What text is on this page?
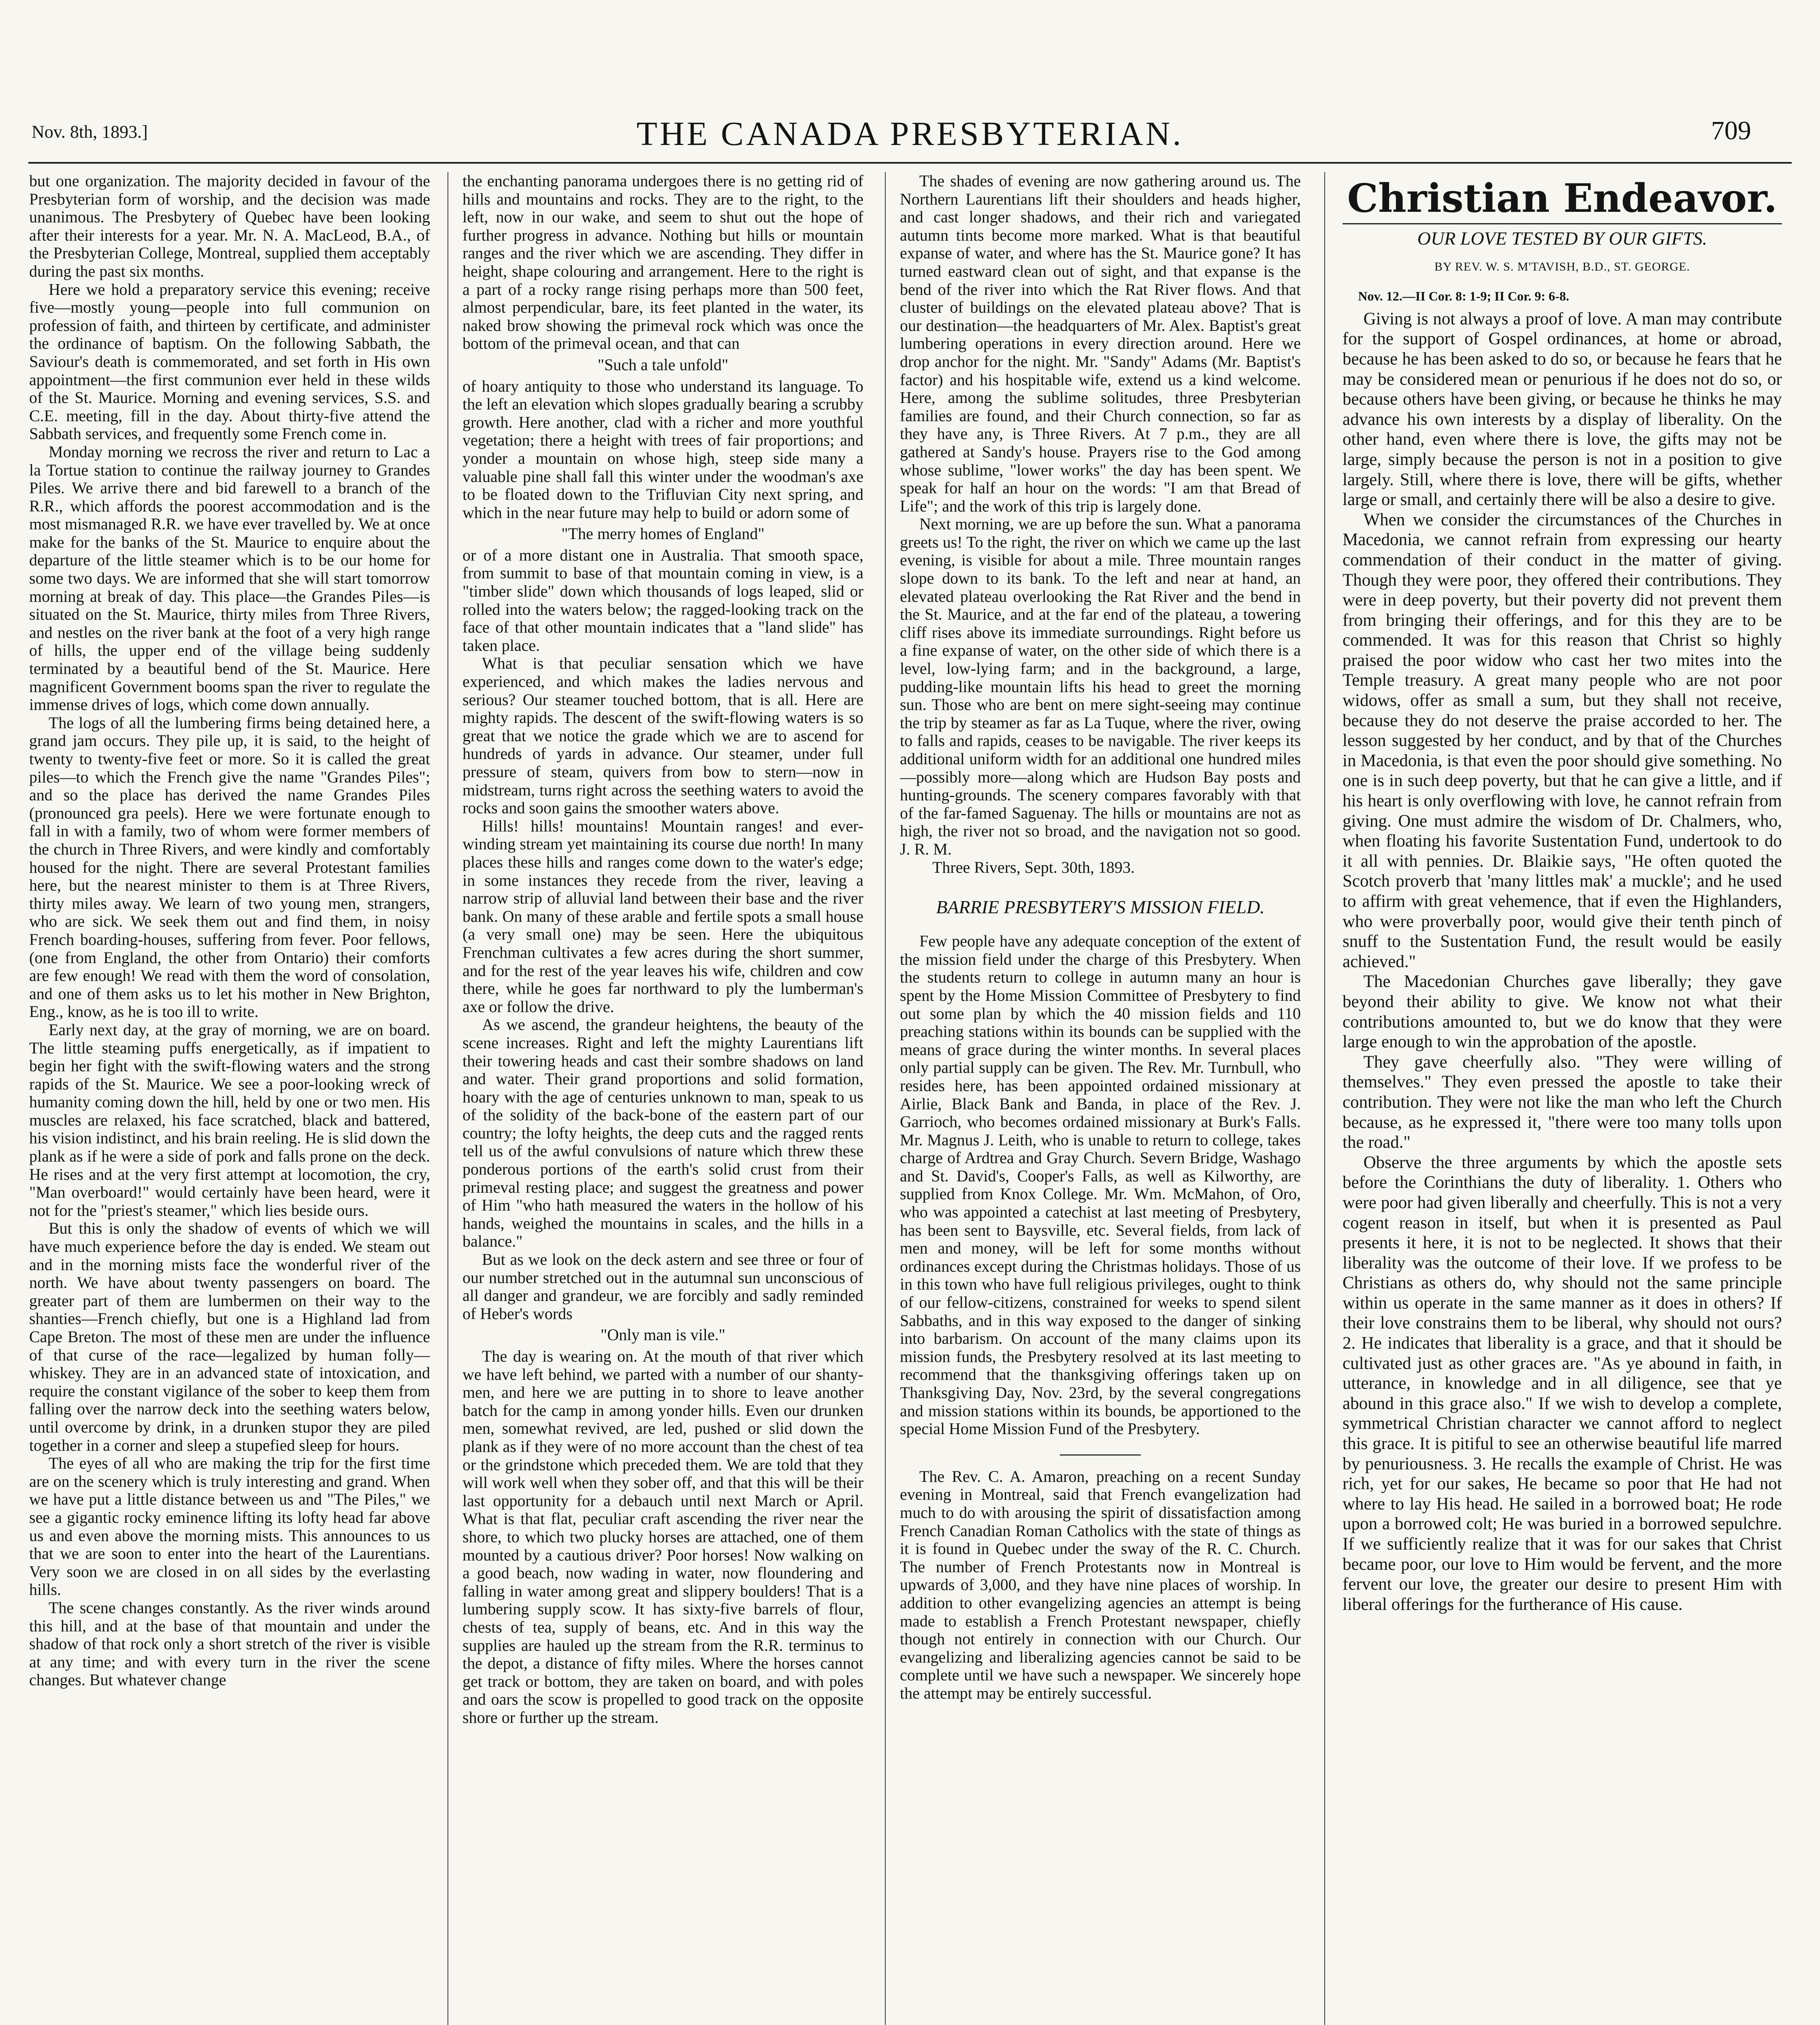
Nov. 8th, 1893.]	THE CANADA PRESBYTERIAN.	709

but one organization. The majority decided in favour of the Presbyterian form of worship, and the decision was made unanimous. The Presbytery of Quebec have been looking after their interests for a year. Mr. N. A. MacLeod, B.A., of the Presbyterian College, Montreal, supplied them acceptably during the past six months.

Here we hold a preparatory service this evening; receive five—mostly young—people into full communion on profession of faith, and thirteen by certificate, and administer the ordinance of baptism. On the following Sabbath, the Saviour's death is commemorated, and set forth in His own appointment—the first communion ever held in these wilds of the St. Maurice. Morning and evening services, S.S. and C.E. meeting, fill in the day. About thirty-five attend the Sabbath services, and frequently some French come in.

Monday morning we recross the river and return to Lac a la Tortue station to continue the railway journey to Grandes Piles. We arrive there and bid farewell to a branch of the R.R., which affords the poorest accommodation and is the most mismanaged R.R. we have ever travelled by. We at once make for the banks of the St. Maurice to enquire about the departure of the little steamer which is to be our home for some two days. We are informed that she will start tomorrow morning at break of day. This place—the Grandes Piles—is situated on the St. Maurice, thirty miles from Three Rivers, and nestles on the river bank at the foot of a very high range of hills, the upper end of the village being suddenly terminated by a beautiful bend of the St. Maurice. Here magnificent Government booms span the river to regulate the immense drives of logs, which come down annually.

The logs of all the lumbering firms being detained here, a grand jam occurs. They pile up, it is said, to the height of twenty to twenty-five feet or more. So it is called the great piles—to which the French give the name "Grandes Piles"; and so the place has derived the name Grandes Piles (pronounced gra peels). Here we were fortunate enough to fall in with a family, two of whom were former members of the church in Three Rivers, and were kindly and comfortably housed for the night. There are several Protestant families here, but the nearest minister to them is at Three Rivers, thirty miles away. We learn of two young men, strangers, who are sick. We seek them out and find them, in noisy French boarding-houses, suffering from fever. Poor fellows, (one from England, the other from Ontario) their comforts are few enough! We read with them the word of consolation, and one of them asks us to let his mother in New Brighton, Eng., know, as he is too ill to write.

Early next day, at the gray of morning, we are on board. The little steaming puffs energetically, as if impatient to begin her fight with the swift-flowing waters and the strong rapids of the St. Maurice. We see a poor-looking wreck of humanity coming down the hill, held by one or two men. His muscles are relaxed, his face scratched, black and battered, his vision indistinct, and his brain reeling. He is slid down the plank as if he were a side of pork and falls prone on the deck. He rises and at the very first attempt at locomotion, the cry, "Man overboard!" would certainly have been heard, were it not for the "priest's steamer," which lies beside ours.

But this is only the shadow of events of which we will have much experience before the day is ended. We steam out and in the morning mists face the wonderful river of the north. We have about twenty passengers on board. The greater part of them are lumbermen on their way to the shanties—French chiefly, but one is a Highland lad from Cape Breton. The most of these men are under the influence of that curse of the race—legalized by human folly—whiskey. They are in an advanced state of intoxication, and require the constant vigilance of the sober to keep them from falling over the narrow deck into the seething waters below, until overcome by drink, in a drunken stupor they are piled together in a corner and sleep a stupefied sleep for hours.

The eyes of all who are making the trip for the first time are on the scenery which is truly interesting and grand. When we have put a little distance between us and "The Piles," we see a gigantic rocky eminence lifting its lofty head far above us and even above the morning mists. This announces to us that we are soon to enter into the heart of the Laurentians. Very soon we are closed in on all sides by the everlasting hills.

The scene changes constantly. As the river winds around this hill, and at the base of that mountain and under the shadow of that rock only a short stretch of the river is visible at any time; and with every turn in the river the scene changes. But whatever change

the enchanting panorama undergoes there is no getting rid of hills and mountains and rocks. They are to the right, to the left, now in our wake, and seem to shut out the hope of further progress in advance. Nothing but hills or mountain ranges and the river which we are ascending. They differ in height, shape colouring and arrangement. Here to the right is a part of a rocky range rising perhaps more than 500 feet, almost perpendicular, bare, its feet planted in the water, its naked brow showing the primeval rock which was once the bottom of the primeval ocean, and that can

"Such a tale unfold"

of hoary antiquity to those who understand its language. To the left an elevation which slopes gradually bearing a scrubby growth. Here another, clad with a richer and more youthful vegetation; there a height with trees of fair proportions; and yonder a mountain on whose high, steep side many a valuable pine shall fall this winter under the woodman's axe to be floated down to the Trifluvian City next spring, and which in the near future may help to build or adorn some of

"The merry homes of England"

or of a more distant one in Australia. That smooth space, from summit to base of that mountain coming in view, is a "timber slide" down which thousands of logs leaped, slid or rolled into the waters below; the ragged-looking track on the face of that other mountain indicates that a "land slide" has taken place.

What is that peculiar sensation which we have experienced, and which makes the ladies nervous and serious? Our steamer touched bottom, that is all. Here are mighty rapids. The descent of the swift-flowing waters is so great that we notice the grade which we are to ascend for hundreds of yards in advance. Our steamer, under full pressure of steam, quivers from bow to stern—now in midstream, turns right across the seething waters to avoid the rocks and soon gains the smoother waters above.

Hills! hills! mountains! Mountain ranges! and ever-winding stream yet maintaining its course due north! In many places these hills and ranges come down to the water's edge; in some instances they recede from the river, leaving a narrow strip of alluvial land between their base and the river bank. On many of these arable and fertile spots a small house (a very small one) may be seen. Here the ubiquitous Frenchman cultivates a few acres during the short summer, and for the rest of the year leaves his wife, children and cow there, while he goes far northward to ply the lumberman's axe or follow the drive.

As we ascend, the grandeur heightens, the beauty of the scene increases. Right and left the mighty Laurentians lift their towering heads and cast their sombre shadows on land and water. Their grand proportions and solid formation, hoary with the age of centuries unknown to man, speak to us of the solidity of the back-bone of the eastern part of our country; the lofty heights, the deep cuts and the ragged rents tell us of the awful convulsions of nature which threw these ponderous portions of the earth's solid crust from their primeval resting place; and suggest the greatness and power of Him "who hath measured the waters in the hollow of his hands, weighed the mountains in scales, and the hills in a balance."

But as we look on the deck astern and see three or four of our number stretched out in the autumnal sun unconscious of all danger and grandeur, we are forcibly and sadly reminded of Heber's words

"Only man is vile."

The day is wearing on. At the mouth of that river which we have left behind, we parted with a number of our shanty-men, and here we are putting in to shore to leave another batch for the camp in among yonder hills. Even our drunken men, somewhat revived, are led, pushed or slid down the plank as if they were of no more account than the chest of tea or the grindstone which preceded them. We are told that they will work well when they sober off, and that this will be their last opportunity for a debauch until next March or April. What is that flat, peculiar craft ascending the river near the shore, to which two plucky horses are attached, one of them mounted by a cautious driver? Poor horses! Now walking on a good beach, now wading in water, now floundering and falling in water among great and slippery boulders! That is a lumbering supply scow. It has sixty-five barrels of flour, chests of tea, supply of beans, etc. And in this way the supplies are hauled up the stream from the R.R. terminus to the depot, a distance of fifty miles. Where the horses cannot get track or bottom, they are taken on board, and with poles and oars the scow is propelled to good track on the opposite shore or further up the stream.

The shades of evening are now gathering around us. The Northern Laurentians lift their shoulders and heads higher, and cast longer shadows, and their rich and variegated autumn tints become more marked. What is that beautiful expanse of water, and where has the St. Maurice gone? It has turned eastward clean out of sight, and that expanse is the bend of the river into which the Rat River flows. And that cluster of buildings on the elevated plateau above? That is our destination—the headquarters of Mr. Alex. Baptist's great lumbering operations in every direction around. Here we drop anchor for the night. Mr. "Sandy" Adams (Mr. Baptist's factor) and his hospitable wife, extend us a kind welcome. Here, among the sublime solitudes, three Presbyterian families are found, and their Church connection, so far as they have any, is Three Rivers. At 7 p.m., they are all gathered at Sandy's house. Prayers rise to the God among whose sublime, "lower works" the day has been spent. We speak for half an hour on the words: "I am that Bread of Life"; and the work of this trip is largely done.

Next morning, we are up before the sun. What a panorama greets us! To the right, the river on which we came up the last evening, is visible for about a mile. Three mountain ranges slope down to its bank. To the left and near at hand, an elevated plateau overlooking the Rat River and the bend in the St. Maurice, and at the far end of the plateau, a towering cliff rises above its immediate surroundings. Right before us a fine expanse of water, on the other side of which there is a level, low-lying farm; and in the background, a large, pudding-like mountain lifts his head to greet the morning sun. Those who are bent on mere sight-seeing may continue the trip by steamer as far as La Tuque, where the river, owing to falls and rapids, ceases to be navigable. The river keeps its additional uniform width for an additional one hundred miles—possibly more—along which are Hudson Bay posts and hunting-grounds. The scenery compares favorably with that of the far-famed Saguenay. The hills or mountains are not as high, the river not so broad, and the navigation not so good. J. R. M.

Three Rivers, Sept. 30th, 1893.

BARRIE PRESBYTERY'S MISSION FIELD.

Few people have any adequate conception of the extent of the mission field under the charge of this Presbytery. When the students return to college in autumn many an hour is spent by the Home Mission Committee of Presbytery to find out some plan by which the 40 mission fields and 110 preaching stations within its bounds can be supplied with the means of grace during the winter months. In several places only partial supply can be given. The Rev. Mr. Turnbull, who resides here, has been appointed ordained missionary at Airlie, Black Bank and Banda, in place of the Rev. J. Garrioch, who becomes ordained missionary at Burk's Falls. Mr. Magnus J. Leith, who is unable to return to college, takes charge of Ardtrea and Gray Church. Severn Bridge, Washago and St. David's, Cooper's Falls, as well as Kilworthy, are supplied from Knox College. Mr. Wm. McMahon, of Oro, who was appointed a catechist at last meeting of Presbytery, has been sent to Baysville, etc. Several fields, from lack of men and money, will be left for some months without ordinances except during the Christmas holidays. Those of us in this town who have full religious privileges, ought to think of our fellow-citizens, constrained for weeks to spend silent Sabbaths, and in this way exposed to the danger of sinking into barbarism. On account of the many claims upon its mission funds, the Presbytery resolved at its last meeting to recommend that the thanksgiving offerings taken up on Thanksgiving Day, Nov. 23rd, by the several congregations and mission stations within its bounds, be apportioned to the special Home Mission Fund of the Presbytery.

The Rev. C. A. Amaron, preaching on a recent Sunday evening in Montreal, said that French evangelization had much to do with arousing the spirit of dissatisfaction among French Canadian Roman Catholics with the state of things as it is found in Quebec under the sway of the R. C. Church. The number of French Protestants now in Montreal is upwards of 3,000, and they have nine places of worship. In addition to other evangelizing agencies an attempt is being made to establish a French Protestant newspaper, chiefly though not entirely in connection with our Church. Our evangelizing and liberalizing agencies cannot be said to be complete until we have such a newspaper. We sincerely hope the attempt may be entirely successful.

Christian Endeavor.
OUR LOVE TESTED BY OUR GIFTS.
BY REV. W. S. M'TAVISH, B.D., ST. GEORGE.
Nov. 12.—II Cor. 8: 1-9; II Cor. 9: 6-8.

Giving is not always a proof of love. A man may contribute for the support of Gospel ordinances, at home or abroad, because he has been asked to do so, or because he fears that he may be considered mean or penurious if he does not do so, or because others have been giving, or because he thinks he may advance his own interests by a display of liberality. On the other hand, even where there is love, the gifts may not be large, simply because the person is not in a position to give largely. Still, where there is love, there will be gifts, whether large or small, and certainly there will be also a desire to give.

When we consider the circumstances of the Churches in Macedonia, we cannot refrain from expressing our hearty commendation of their conduct in the matter of giving. Though they were poor, they offered their contributions. They were in deep poverty, but their poverty did not prevent them from bringing their offerings, and for this they are to be commended. It was for this reason that Christ so highly praised the poor widow who cast her two mites into the Temple treasury. A great many people who are not poor widows, offer as small a sum, but they shall not receive, because they do not deserve the praise accorded to her. The lesson suggested by her conduct, and by that of the Churches in Macedonia, is that even the poor should give something. No one is in such deep poverty, but that he can give a little, and if his heart is only overflowing with love, he cannot refrain from giving. One must admire the wisdom of Dr. Chalmers, who, when floating his favorite Sustentation Fund, undertook to do it all with pennies. Dr. Blaikie says, "He often quoted the Scotch proverb that 'many littles mak' a muckle'; and he used to affirm with great vehemence, that if even the Highlanders, who were proverbally poor, would give their tenth pinch of snuff to the Sustentation Fund, the result would be easily achieved."

The Macedonian Churches gave liberally; they gave beyond their ability to give. We know not what their contributions amounted to, but we do know that they were large enough to win the approbation of the apostle.

They gave cheerfully also. "They were willing of themselves." They even pressed the apostle to take their contribution. They were not like the man who left the Church because, as he expressed it, "there were too many tolls upon the road."

Observe the three arguments by which the apostle sets before the Corinthians the duty of liberality. 1. Others who were poor had given liberally and cheerfully. This is not a very cogent reason in itself, but when it is presented as Paul presents it here, it is not to be neglected. It shows that their liberality was the outcome of their love. If we profess to be Christians as others do, why should not the same principle within us operate in the same manner as it does in others? If their love constrains them to be liberal, why should not ours? 2. He indicates that liberality is a grace, and that it should be cultivated just as other graces are. "As ye abound in faith, in utterance, in knowledge and in all diligence, see that ye abound in this grace also." If we wish to develop a complete, symmetrical Christian character we cannot afford to neglect this grace. It is pitiful to see an otherwise beautiful life marred by penuriousness. 3. He recalls the example of Christ. He was rich, yet for our sakes, He became so poor that He had not where to lay His head. He sailed in a borrowed boat; He rode upon a borrowed colt; He was buried in a borrowed sepulchre. If we sufficiently realize that it was for our sakes that Christ became poor, our love to Him would be fervent, and the more fervent our love, the greater our desire to present Him with liberal offerings for the furtherance of His cause.
